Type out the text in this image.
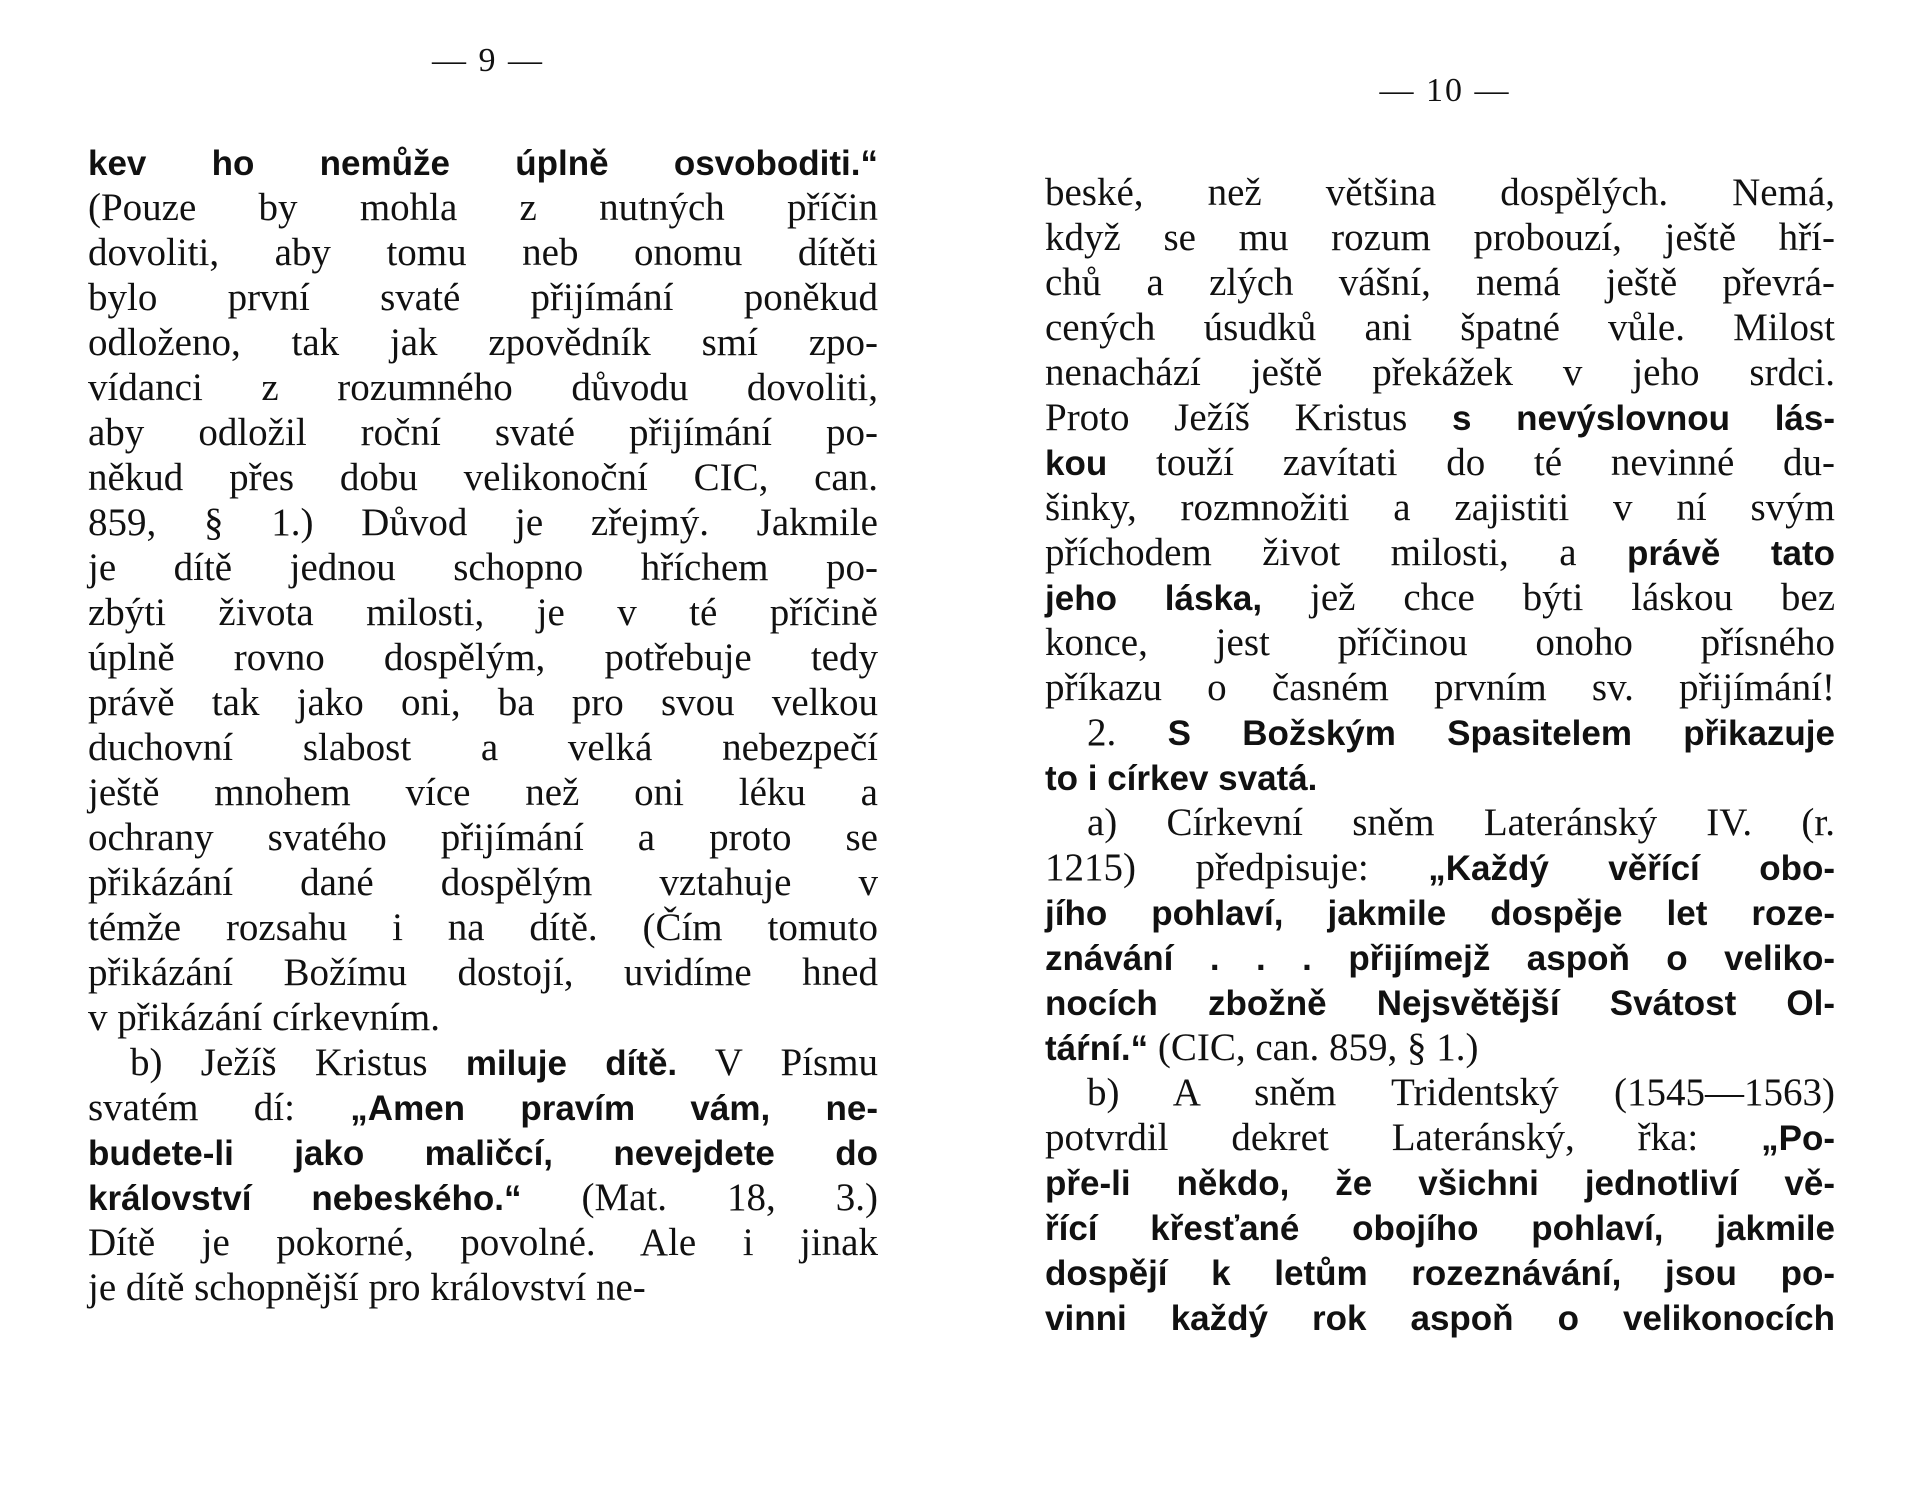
— 9 —
kev ho nemůže úplně osvoboditi.“
(Pouze by mohla z nutných příčin
dovoliti, aby tomu neb onomu dítěti
bylo první svaté přijímání poněkud
odloženo, tak jak zpovědník smí zpo-
vídanci z rozumného důvodu dovoliti,
aby odložil roční svaté přijímání po-
někud přes dobu velikonoční CIC, can.
859, § 1.) Důvod je zřejmý. Jakmile
je dítě jednou schopno hříchem po-
zbýti života milosti, je v té příčině
úplně rovno dospělým, potřebuje tedy
právě tak jako oni, ba pro svou velkou
duchovní slabost a velká nebezpečí
ještě mnohem více než oni léku a
ochrany svatého přijímání a proto se
přikázání dané dospělým vztahuje v
témže rozsahu i na dítě. (Čím tomuto
přikázání Božímu dostojí, uvidíme hned
v přikázání církevním.
b) Ježíš Kristus miluje dítě. V Písmu
svatém dí: „Amen pravím vám, ne-
budete-li jako maličcí, nevejdete do
království nebeského.“ (Mat. 18, 3.)
Dítě je pokorné, povolné. Ale i jinak
je dítě schopnější pro království ne-
— 10 —
beské, než většina dospělých. Nemá,
když se mu rozum probouzí, ještě hří-
chů a zlých vášní, nemá ještě převrá-
cených úsudků ani špatné vůle. Milost
nenachází ještě překážek v jeho srdci.
Proto Ježíš Kristus s nevýslovnou lás-
kou touží zavítati do té nevinné du-
šinky, rozmnožiti a zajistiti v ní svým
příchodem život milosti, a právě tato
jeho láska, jež chce býti láskou bez
konce, jest příčinou onoho přísného
příkazu o časném prvním sv. přijímání!
2. S Božským Spasitelem přikazuje
to i církev svatá.
a) Církevní sněm Lateránský IV. (r.
1215) předpisuje: „Každý věřící obo-
jího pohlaví, jakmile dospěje let roze-
znávání . . . přijímejž aspoň o veliko-
nocích zbožně Nejsvětější Svátost Ol-
táŕní.“ (CIC, can. 859, § 1.)
b) A sněm Tridentský (1545—1563)
potvrdil dekret Lateránský, řka: „Po-
pře-li někdo, že všichni jednotliví vě-
řící křesťané obojího pohlaví, jakmile
dospějí k letům rozeznávání, jsou po-
vinni každý rok aspoň o velikonocích
